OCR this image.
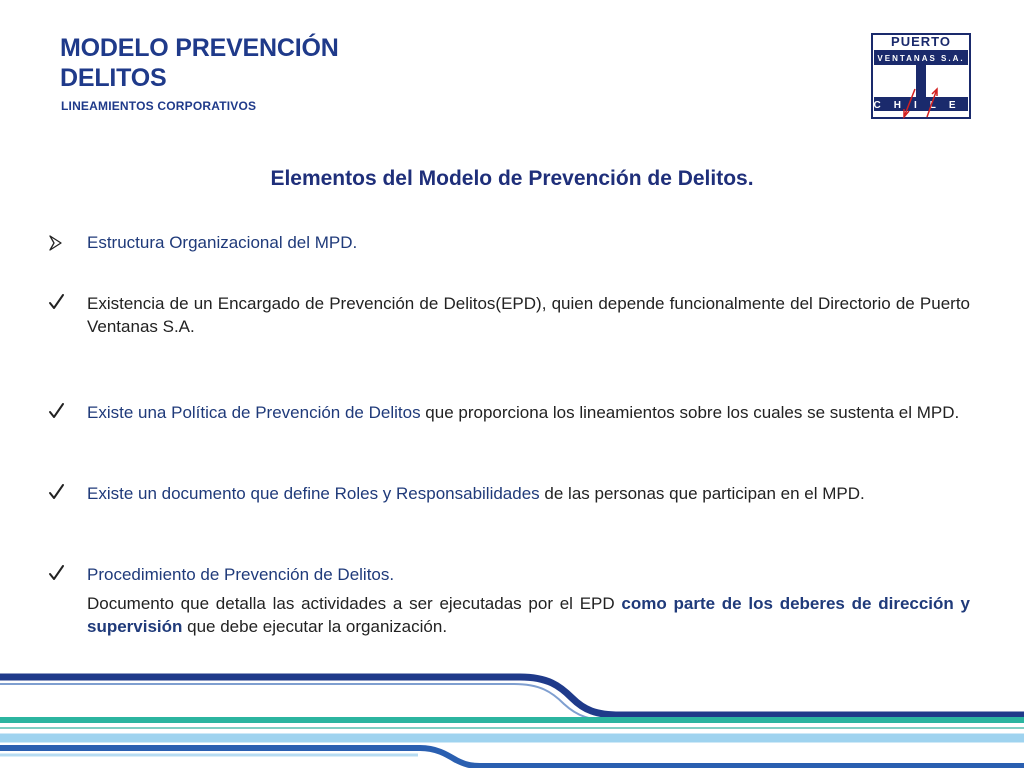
MODELO PREVENCIÓN
DELITOS
LINEAMIENTOS CORPORATIVOS
PUERTO
VENTANAS S.A.
CHILE
Elementos del Modelo de Prevención de Delitos.
Estructura Organizacional del MPD.
Existencia de un Encargado de Prevención de Delitos(EPD), quien depende funcionalmente del Directorio de Puerto Ventanas S.A.
Existe una Política de Prevención de Delitos que proporciona los lineamientos sobre los cuales se sustenta el MPD.
Existe un documento que define Roles y Responsabilidades de las personas que participan en el MPD.
Procedimiento de Prevención de Delitos.
Documento que detalla las actividades a ser ejecutadas por el EPD como parte de los deberes de dirección y supervisión que debe ejecutar la organización.
